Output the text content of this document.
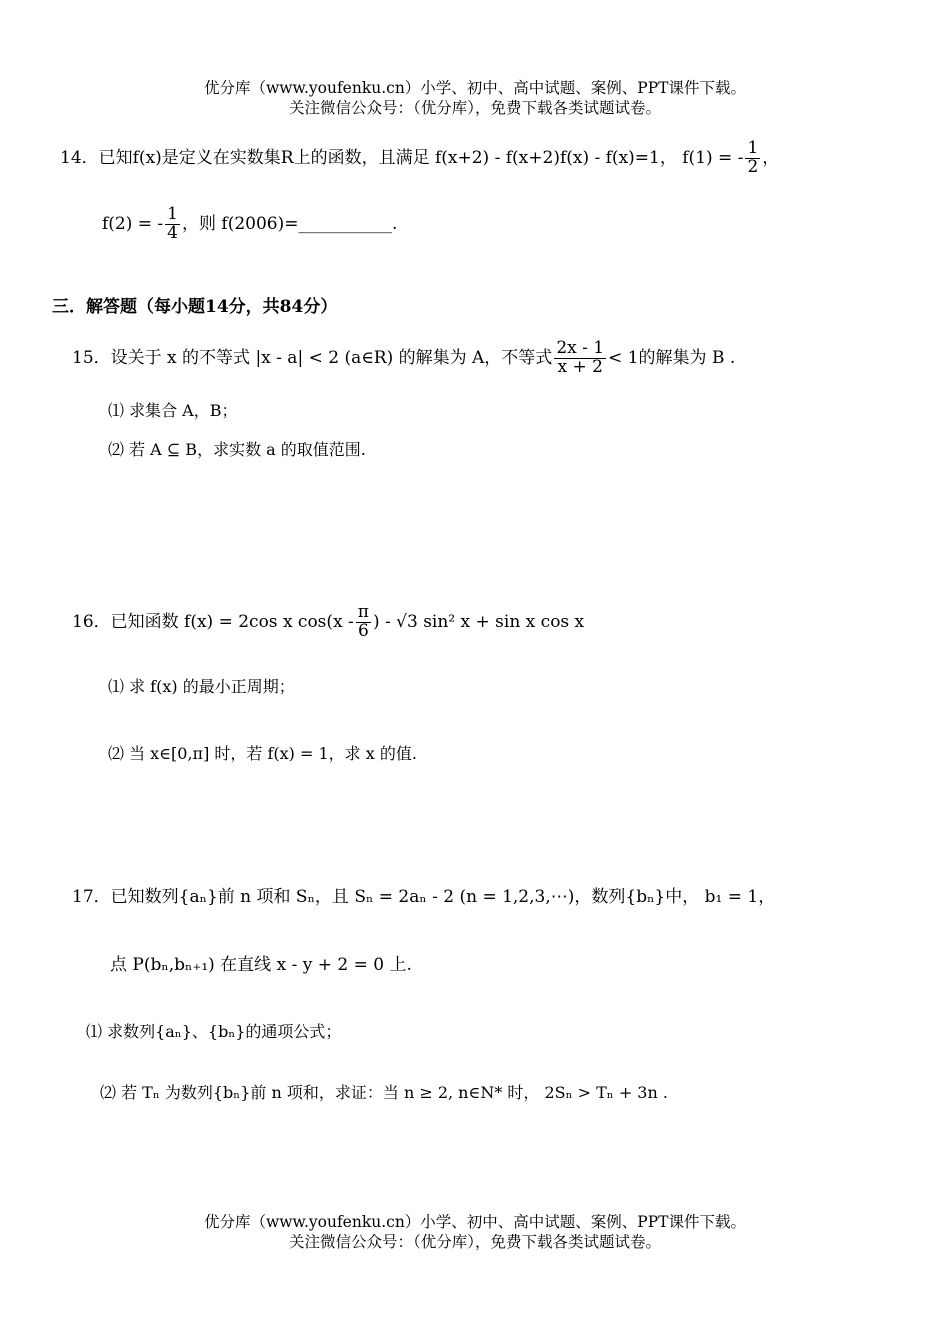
优分库（www.youfenku.cn）小学、初中、高中试题、案例、PPT课件下载。
关注微信公众号：（优分库），免费下载各类试题试卷。
14．已知f(x)是定义在实数集R上的函数，且满足 f(x+2) - f(x+2)f(x) - f(x)=1， f(1) = - $\frac{1}{2}$ ，
f(2) = - $\frac{1}{4}$ ，则 f(2006)=___________.
三．解答题（每小题14分，共84分）
15．设关于 x 的不等式 |x - a| < 2 (a∈R) 的解集为 A，不等式 $\frac{2x - 1}{x + 2} < 1$的解集为 B .
⑴ 求集合 A，B；
⑵ 若 A ⊆ B，求实数 a 的取值范围.
16．已知函数 f(x) = 2cos x $\cos(x - \frac{\pi}{6}$ ) - √3 sin² x + sin x cos x
⑴ 求 f(x) 的最小正周期；
⑵ 当 x∈[0,π] 时，若 f(x) = 1，求 x 的值.
17．已知数列{aₙ}前 n 项和 Sₙ，且 Sₙ = 2aₙ - 2 (n = 1,2,3,⋯)，数列{bₙ}中， b₁ = 1，
点 P(bₙ,bₙ₊₁) 在直线 x - y + 2 = 0 上.
⑴ 求数列{aₙ}、{bₙ}的通项公式；
⑵ 若 Tₙ 为数列{bₙ}前 n 项和，求证：当 n ≥ 2, n∈N* 时， 2Sₙ > Tₙ + 3n .
优分库（www.youfenku.cn）小学、初中、高中试题、案例、PPT课件下载。
关注微信公众号：（优分库），免费下载各类试题试卷。
